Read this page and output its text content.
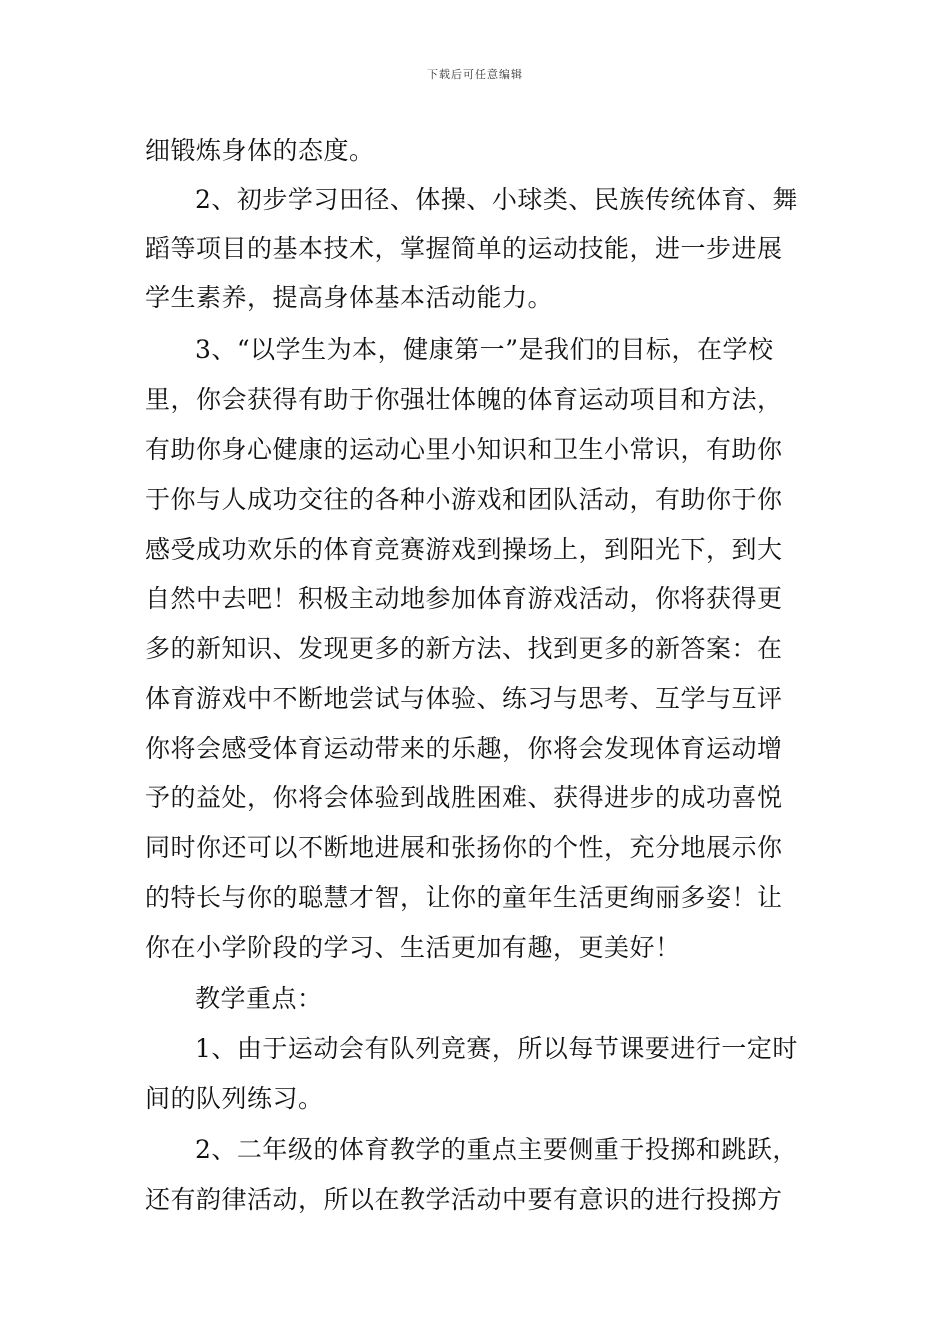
下载后可任意编辑
细锻炼身体的态度。
2、初步学习田径、体操、小球类、民族传统体育、舞
蹈等项目的基本技术，掌握简单的运动技能，进一步进展
学生素养，提高身体基本活动能力。
3、“以学生为本，健康第一”是我们的目标，在学校
里，你会获得有助于你强壮体魄的体育运动项目和方法，
有助你身心健康的运动心里小知识和卫生小常识，有助你
于你与人成功交往的各种小游戏和团队活动，有助你于你
感受成功欢乐的体育竞赛游戏到操场上，到阳光下，到大
自然中去吧！积极主动地参加体育游戏活动，你将获得更
多的新知识、发现更多的新方法、找到更多的新答案：在
体育游戏中不断地尝试与体验、练习与思考、互学与互评
你将会感受体育运动带来的乐趣，你将会发现体育运动增
予的益处，你将会体验到战胜困难、获得进步的成功喜悦
同时你还可以不断地进展和张扬你的个性，充分地展示你
的特长与你的聪慧才智，让你的童年生活更绚丽多姿！让
你在小学阶段的学习、生活更加有趣，更美好！
教学重点：
1、由于运动会有队列竞赛，所以每节课要进行一定时
间的队列练习。
2、二年级的体育教学的重点主要侧重于投掷和跳跃，
还有韵律活动，所以在教学活动中要有意识的进行投掷方
